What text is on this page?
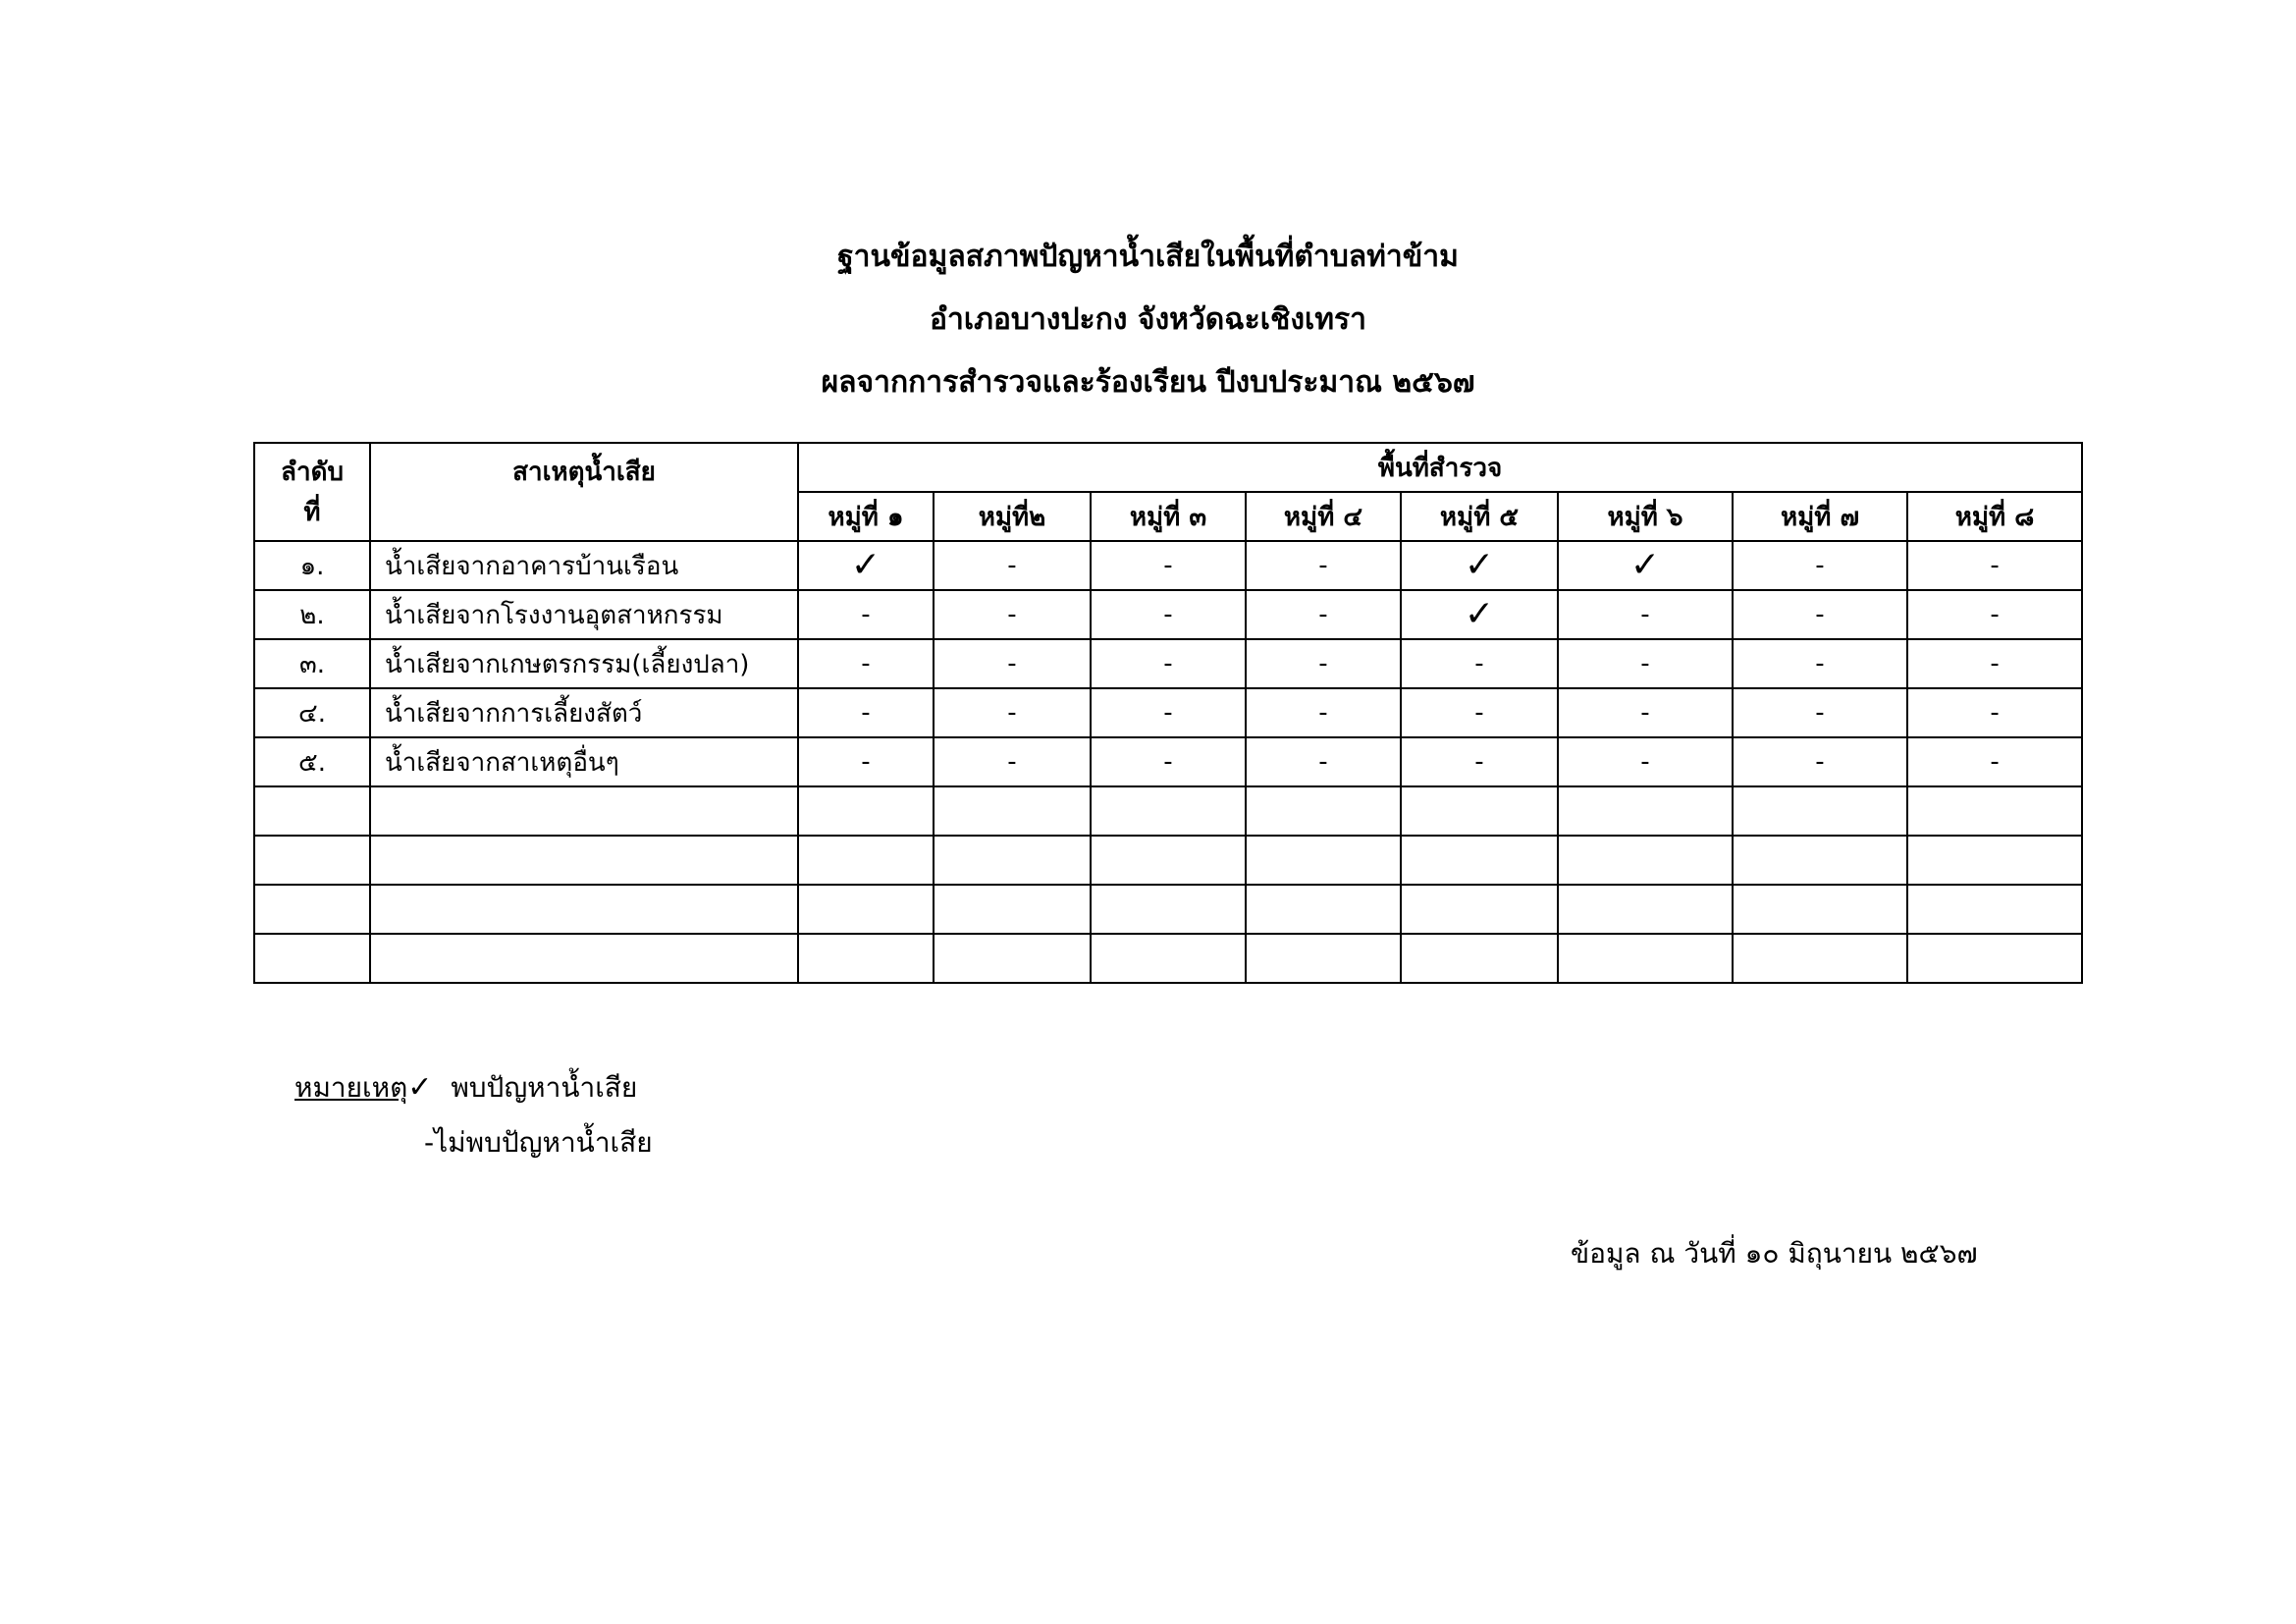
ฐานข้อมูลสภาพปัญหาน้ำเสียในพื้นที่ตำบลท่าข้าม
อำเภอบางปะกง จังหวัดฉะเชิงเทรา
ผลจากการสำรวจและร้องเรียน ปีงบประมาณ ๒๕๖๗
ลำดับ
ที่	สาเหตุน้ำเสีย	พื้นที่สำรวจ							
		หมู่ที่ ๑	หมู่ที่๒	หมู่ที่ ๓	หมู่ที่ ๔	หมู่ที่ ๕	หมู่ที่ ๖	หมู่ที่ ๗	หมู่ที่ ๘
๑.	น้ำเสียจากอาคารบ้านเรือน	✓	-	-	-	✓	✓	-	-
๒.	น้ำเสียจากโรงงานอุตสาหกรรม	-	-	-	-	✓	-	-	-
๓.	น้ำเสียจากเกษตรกรรม(เลี้ยงปลา)	-	-	-	-	-	-	-	-
๔.	น้ำเสียจากการเลี้ยงสัตว์	-	-	-	-	-	-	-	-
๕.	น้ำเสียจากสาเหตุอื่นๆ	-	-	-	-	-	-	-	-

หมายเหตุ✓ พบปัญหาน้ำเสีย
-ไม่พบปัญหาน้ำเสีย
ข้อมูล ณ วันที่ ๑๐ มิถุนายน ๒๕๖๗
